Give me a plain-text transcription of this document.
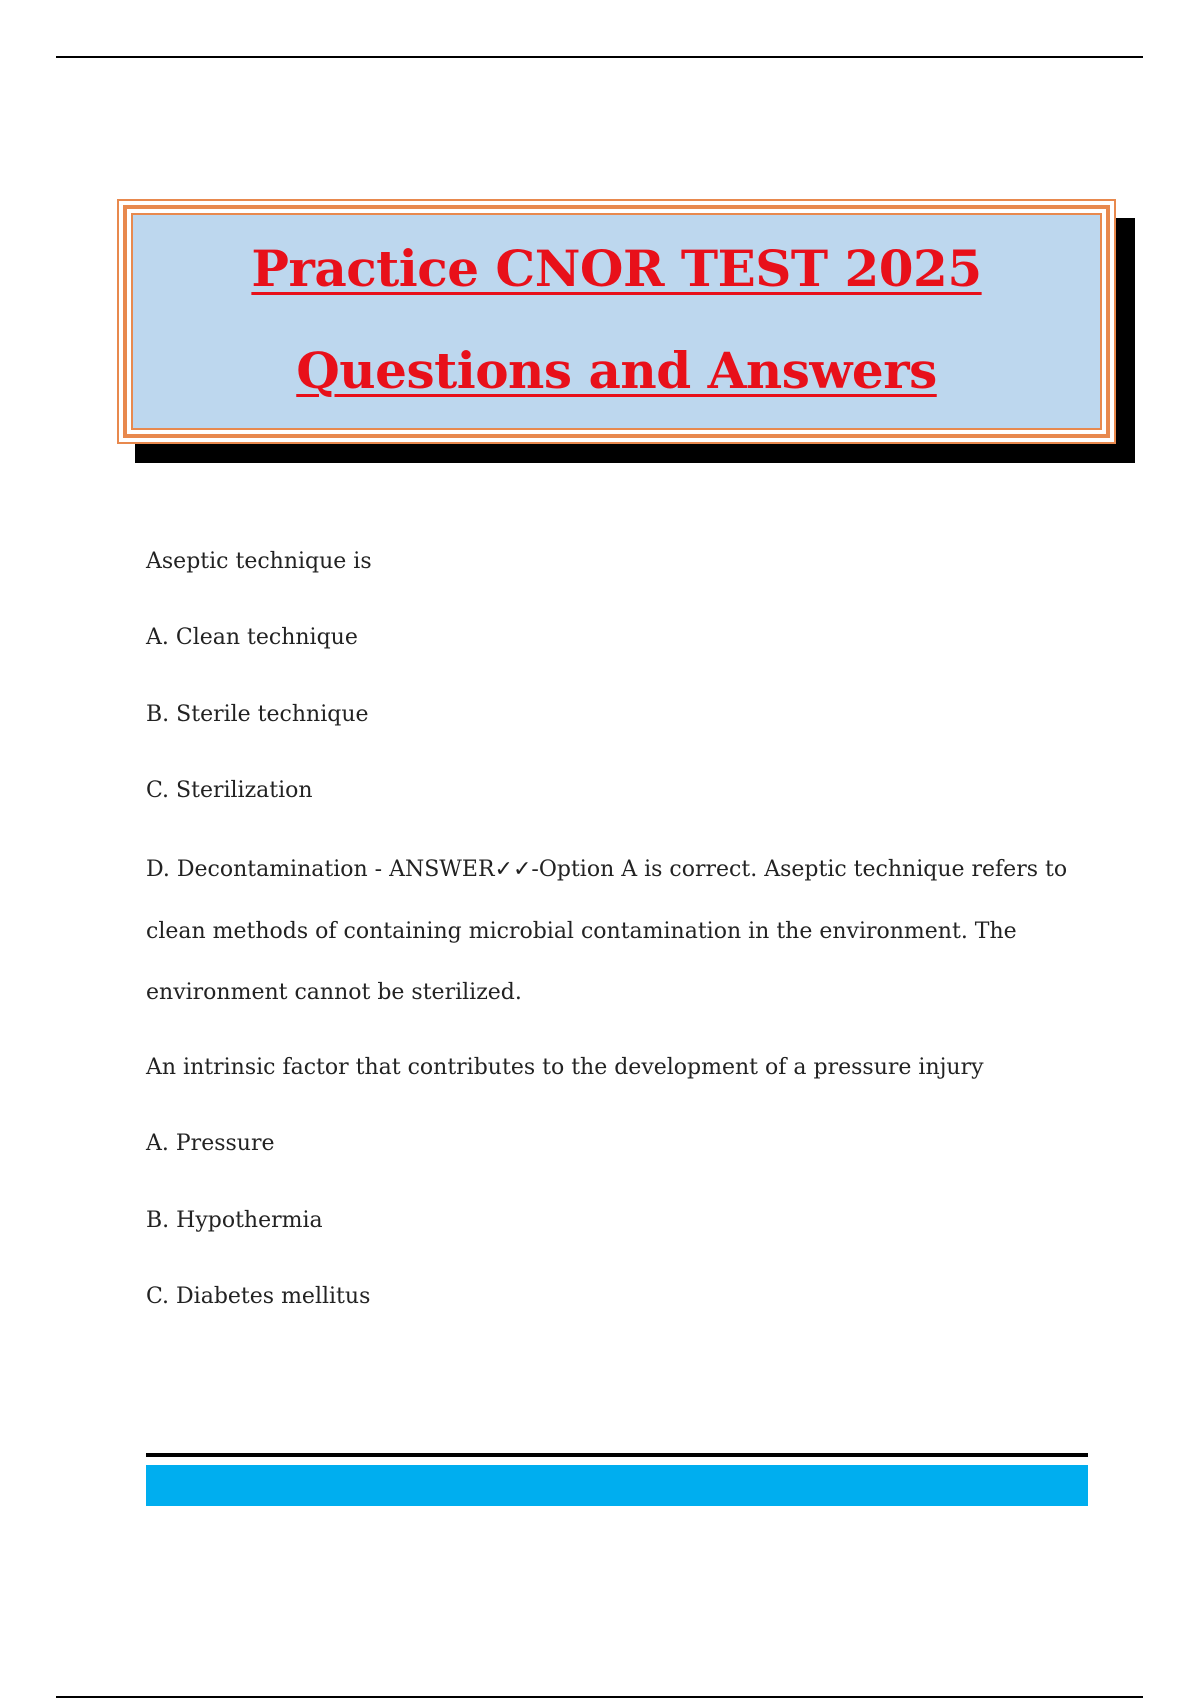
Practice CNOR TEST 2025
Questions and Answers
Aseptic technique is
A. Clean technique
B. Sterile technique
C. Sterilization
D. Decontamination - ANSWER✓✓-Option A is correct. Aseptic technique refers to
clean methods of containing microbial contamination in the environment. The
environment cannot be sterilized.
An intrinsic factor that contributes to the development of a pressure injury
A. Pressure
B. Hypothermia
C. Diabetes mellitus
